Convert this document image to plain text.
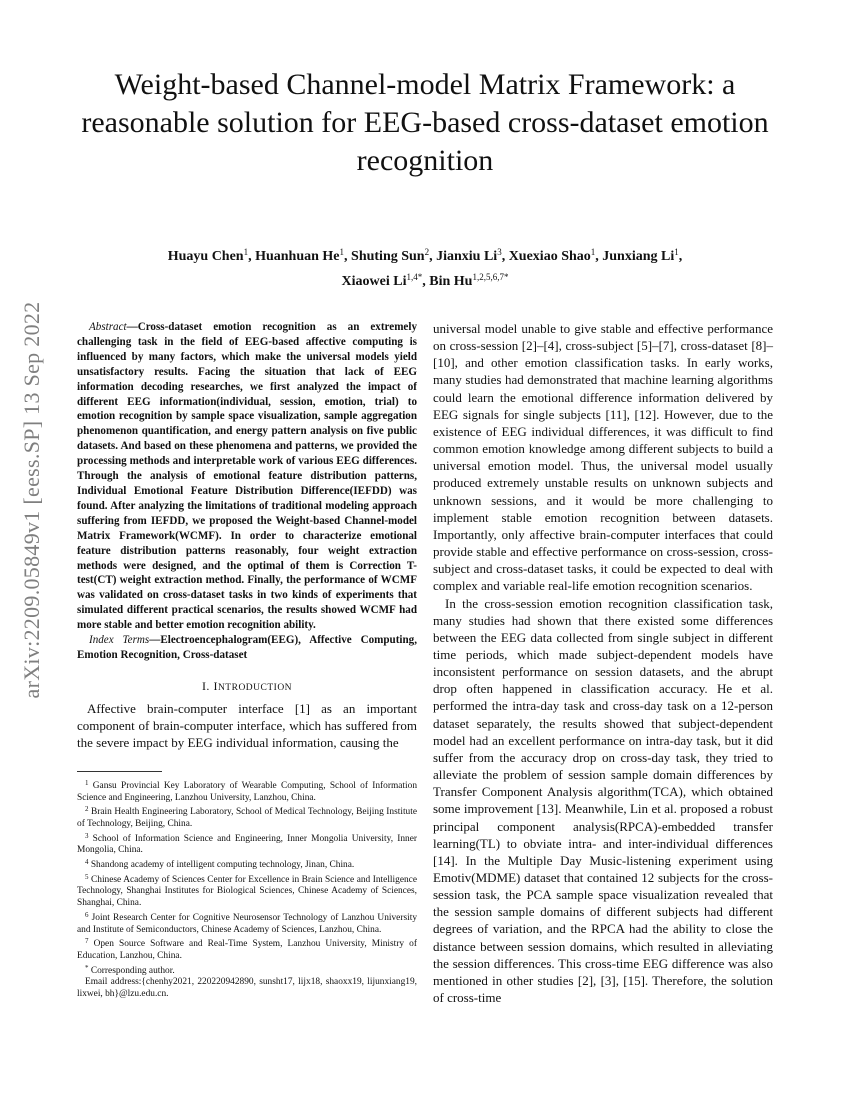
arXiv:2209.05849v1 [eess.SP] 13 Sep 2022
Weight-based Channel-model Matrix Framework: a reasonable solution for EEG-based cross-dataset emotion recognition
Huayu Chen$^1$, Huanhuan He$^1$, Shuting Sun$^2$, Jianxiu Li$^3$, Xuexiao Shao$^1$, Junxiang Li$^1$,
Xiaowei $Li^{1,4*}$, Bin $Hu^{1,2,5,6,7*}$

Abstract—Cross-dataset emotion recognition as an extremely challenging task in the field of EEG-based affective computing is influenced by many factors, which make the universal models yield unsatisfactory results. Facing the situation that lack of EEG information decoding researches, we first analyzed the impact of different EEG information(individual, session, emotion, trial) to emotion recognition by sample space visualization, sample aggregation phenomenon quantification, and energy pattern analysis on five public datasets. And based on these phenomena and patterns, we provided the processing methods and interpretable work of various EEG differences. Through the analysis of emotional feature distribution patterns, Individual Emotional Feature Distribution Difference(IEFDD) was found. After analyzing the limitations of traditional modeling approach suffering from IEFDD, we proposed the Weight-based Channel-model Matrix Framework(WCMF). In order to characterize emotional feature distribution patterns reasonably, four weight extraction methods were designed, and the optimal of them is Correction T-test(CT) weight extraction method. Finally, the performance of WCMF was validated on cross-dataset tasks in two kinds of experiments that simulated different practical scenarios, the results showed WCMF had more stable and better emotion recognition ability.

Index Terms—Electroencephalogram(EEG), Affective Computing, Emotion Recognition, Cross-dataset

I. INTRODUCTION

Affective brain-computer interface [1] as an important component of brain-computer interface, which has suffered from the severe impact by EEG individual information, causing the

$^1$ Gansu Provincial Key Laboratory of Wearable Computing, School of Information Science and Engineering, Lanzhou University, Lanzhou, China.

$^2$ Brain Health Engineering Laboratory, School of Medical Technology, Beijing Institute of Technology, Beijing, China.

$^3$ School of Information Science and Engineering, Inner Mongolia University, Inner Mongolia, China.

$^4$ Shandong academy of intelligent computing technology, Jinan, China.

$^5$ Chinese Academy of Sciences Center for Excellence in Brain Science and Intelligence Technology, Shanghai Institutes for Biological Sciences, Chinese Academy of Sciences, Shanghai, China.

$^6$ Joint Research Center for Cognitive Neurosensor Technology of Lanzhou University and Institute of Semiconductors, Chinese Academy of Sciences, Lanzhou, China.

$^7$ Open Source Software and Real-Time System, Lanzhou University, Ministry of Education, Lanzhou, China.

* Corresponding author.

Email address:{chenhy2021, 220220942890, sunsht17, lijx18, shaoxx19, lijunxiang19, lixwei, bh}@lzu.edu.cn.

universal model unable to give stable and effective performance on cross-session [2]–[4], cross-subject [5]–[7], cross-dataset [8]–[10], and other emotion classification tasks. In early works, many studies had demonstrated that machine learning algorithms could learn the emotional difference information delivered by EEG signals for single subjects [11], [12]. However, due to the existence of EEG individual differences, it was difficult to find common emotion knowledge among different subjects to build a universal emotion model. Thus, the universal model usually produced extremely unstable results on unknown subjects and unknown sessions, and it would be more challenging to implement stable emotion recognition between datasets. Importantly, only affective brain-computer interfaces that could provide stable and effective performance on cross-session, cross-subject and cross-dataset tasks, it could be expected to deal with complex and variable real-life emotion recognition scenarios.

In the cross-session emotion recognition classification task, many studies had shown that there existed some differences between the EEG data collected from single subject in different time periods, which made subject-dependent models have inconsistent performance on session datasets, and the abrupt drop often happened in classification accuracy. He et al. performed the intra-day task and cross-day task on a 12-person dataset separately, the results showed that subject-dependent model had an excellent performance on intra-day task, but it did suffer from the accuracy drop on cross-day task, they tried to alleviate the problem of session sample domain differences by Transfer Component Analysis algorithm(TCA), which obtained some improvement [13]. Meanwhile, Lin et al. proposed a robust principal component analysis(RPCA)-embedded transfer learning(TL) to obviate intra- and inter-individual differences [14]. In the Multiple Day Music-listening experiment using Emotiv(MDME) dataset that contained 12 subjects for the cross-session task, the PCA sample space visualization revealed that the session sample domains of different subjects had different degrees of variation, and the RPCA had the ability to close the distance between session domains, which resulted in alleviating the session differences. This cross-time EEG difference was also mentioned in other studies [2], [3], [15]. Therefore, the solution of cross-time
